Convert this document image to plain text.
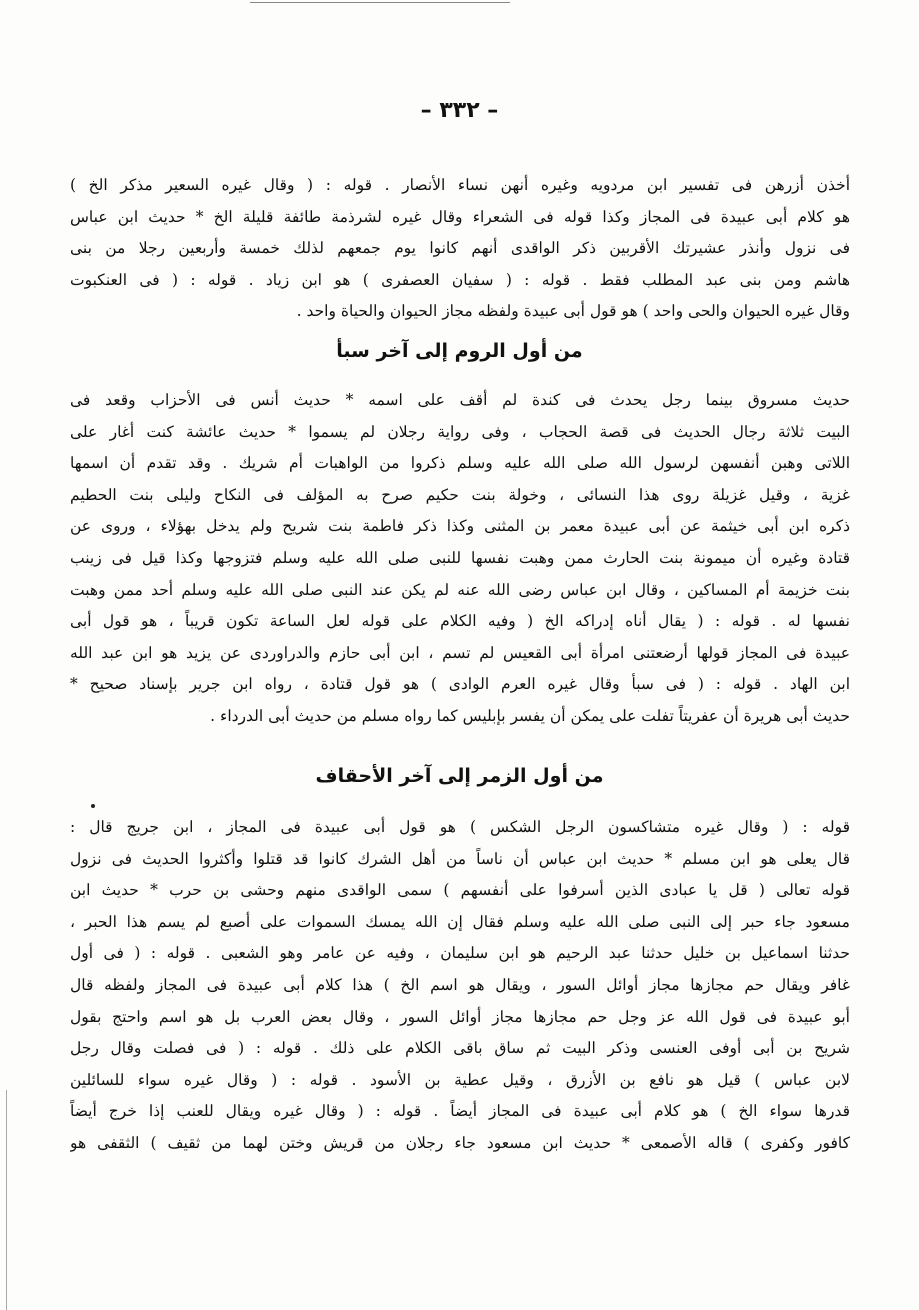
– ٣٣٢ –
أخذن أزرهن فى تفسير ابن مردويه وغيره أنهن نساء الأنصار . قوله : ( وقال غيره السعير مذكر الخ )
هو كلام أبى عبيدة فى المجاز وكذا قوله فى الشعراء وقال غيره لشرذمة طائفة قليلة الخ * حديث ابن عباس
فى نزول وأنذر عشيرتك الأقربين ذكر الواقدى أنهم كانوا يوم جمعهم لذلك خمسة وأربعين رجلا من بنى
هاشم ومن بنى عبد المطلب فقط . قوله : ( سفيان العصفرى ) هو ابن زياد . قوله : ( فى العنكبوت
وقال غيره الحيوان والحى واحد ) هو قول أبى عبيدة ولفظه مجاز الحيوان والحياة واحد .
من أول الروم إلى آخر سبأ
حديث مسروق بينما رجل يحدث فى كندة لم أقف على اسمه * حديث أنس فى الأحزاب وقعد فى
البيت ثلاثة رجال الحديث فى قصة الحجاب ، وفى رواية رجلان لم يسموا * حديث عائشة كنت أغار على
اللاتى وهبن أنفسهن لرسول الله صلى الله عليه وسلم ذكروا من الواهبات أم شريك . وقد تقدم أن اسمها
غزية ، وقيل غزيلة روى هذا النسائى ، وخولة بنت حكيم صرح به المؤلف فى النكاح وليلى بنت الحطيم
ذكره ابن أبى خيثمة عن أبى عبيدة معمر بن المثنى وكذا ذكر فاطمة بنت شريح ولم يدخل بهؤلاء ، وروى عن
قتادة وغيره أن ميمونة بنت الحارث ممن وهبت نفسها للنبى صلى الله عليه وسلم فتزوجها وكذا قيل فى زينب
بنت خزيمة أم المساكين ، وقال ابن عباس رضى الله عنه لم يكن عند النبى صلى الله عليه وسلم أحد ممن وهبت
نفسها له . قوله : ( يقال أناه إدراكه الخ ( وفيه الكلام على قوله لعل الساعة تكون قريباً ، هو قول أبى
عبيدة فى المجاز قولها أرضعتنى امرأة أبى القعيس لم تسم ، ابن أبى حازم والدراوردى عن يزيد هو ابن عبد الله
ابن الهاد . قوله : ( فى سبأ وقال غيره العرم الوادى ) هو قول قتادة ، رواه ابن جرير بإسناد صحيح *
حديث أبى هريرة أن عفريتاً تفلت على يمكن أن يفسر بإبليس كما رواه مسلم من حديث أبى الدرداء .
من أول الزمر إلى آخر الأحقاف
قوله : ( وقال غيره متشاكسون الرجل الشكس ) هو قول أبى عبيدة فى المجاز ، ابن جريج قال :
قال يعلى هو ابن مسلم * حديث ابن عباس أن ناساً من أهل الشرك كانوا قد قتلوا وأكثروا الحديث فى نزول
قوله تعالى ( قل يا عبادى الذين أسرفوا على أنفسهم ) سمى الواقدى منهم وحشى بن حرب * حديث ابن
مسعود جاء حبر إلى النبى صلى الله عليه وسلم فقال إن الله يمسك السموات على أصبع لم يسم هذا الحبر ،
حدثنا اسماعيل بن خليل حدثنا عبد الرحيم هو ابن سليمان ، وفيه عن عامر وهو الشعبى . قوله : ( فى أول
غافر ويقال حم مجازها مجاز أوائل السور ، ويقال هو اسم الخ ) هذا كلام أبى عبيدة فى المجاز ولفظه قال
أبو عبيدة فى قول الله عز وجل حم مجازها مجاز أوائل السور ، وقال بعض العرب بل هو اسم واحتج بقول
شريح بن أبى أوفى العنسى وذكر البيت ثم ساق باقى الكلام على ذلك . قوله : ( فى فصلت وقال رجل
لابن عباس ) قيل هو نافع بن الأزرق ، وقيل عطية بن الأسود . قوله : ( وقال غيره سواء للسائلين
قدرها سواء الخ ) هو كلام أبى عبيدة فى المجاز أيضاً . قوله : ( وقال غيره ويقال للعنب إذا خرج أيضاً
كافور وكفرى ) قاله الأصمعى * حديث ابن مسعود جاء رجلان من قريش وختن لهما من ثقيف ) الثقفى هو
